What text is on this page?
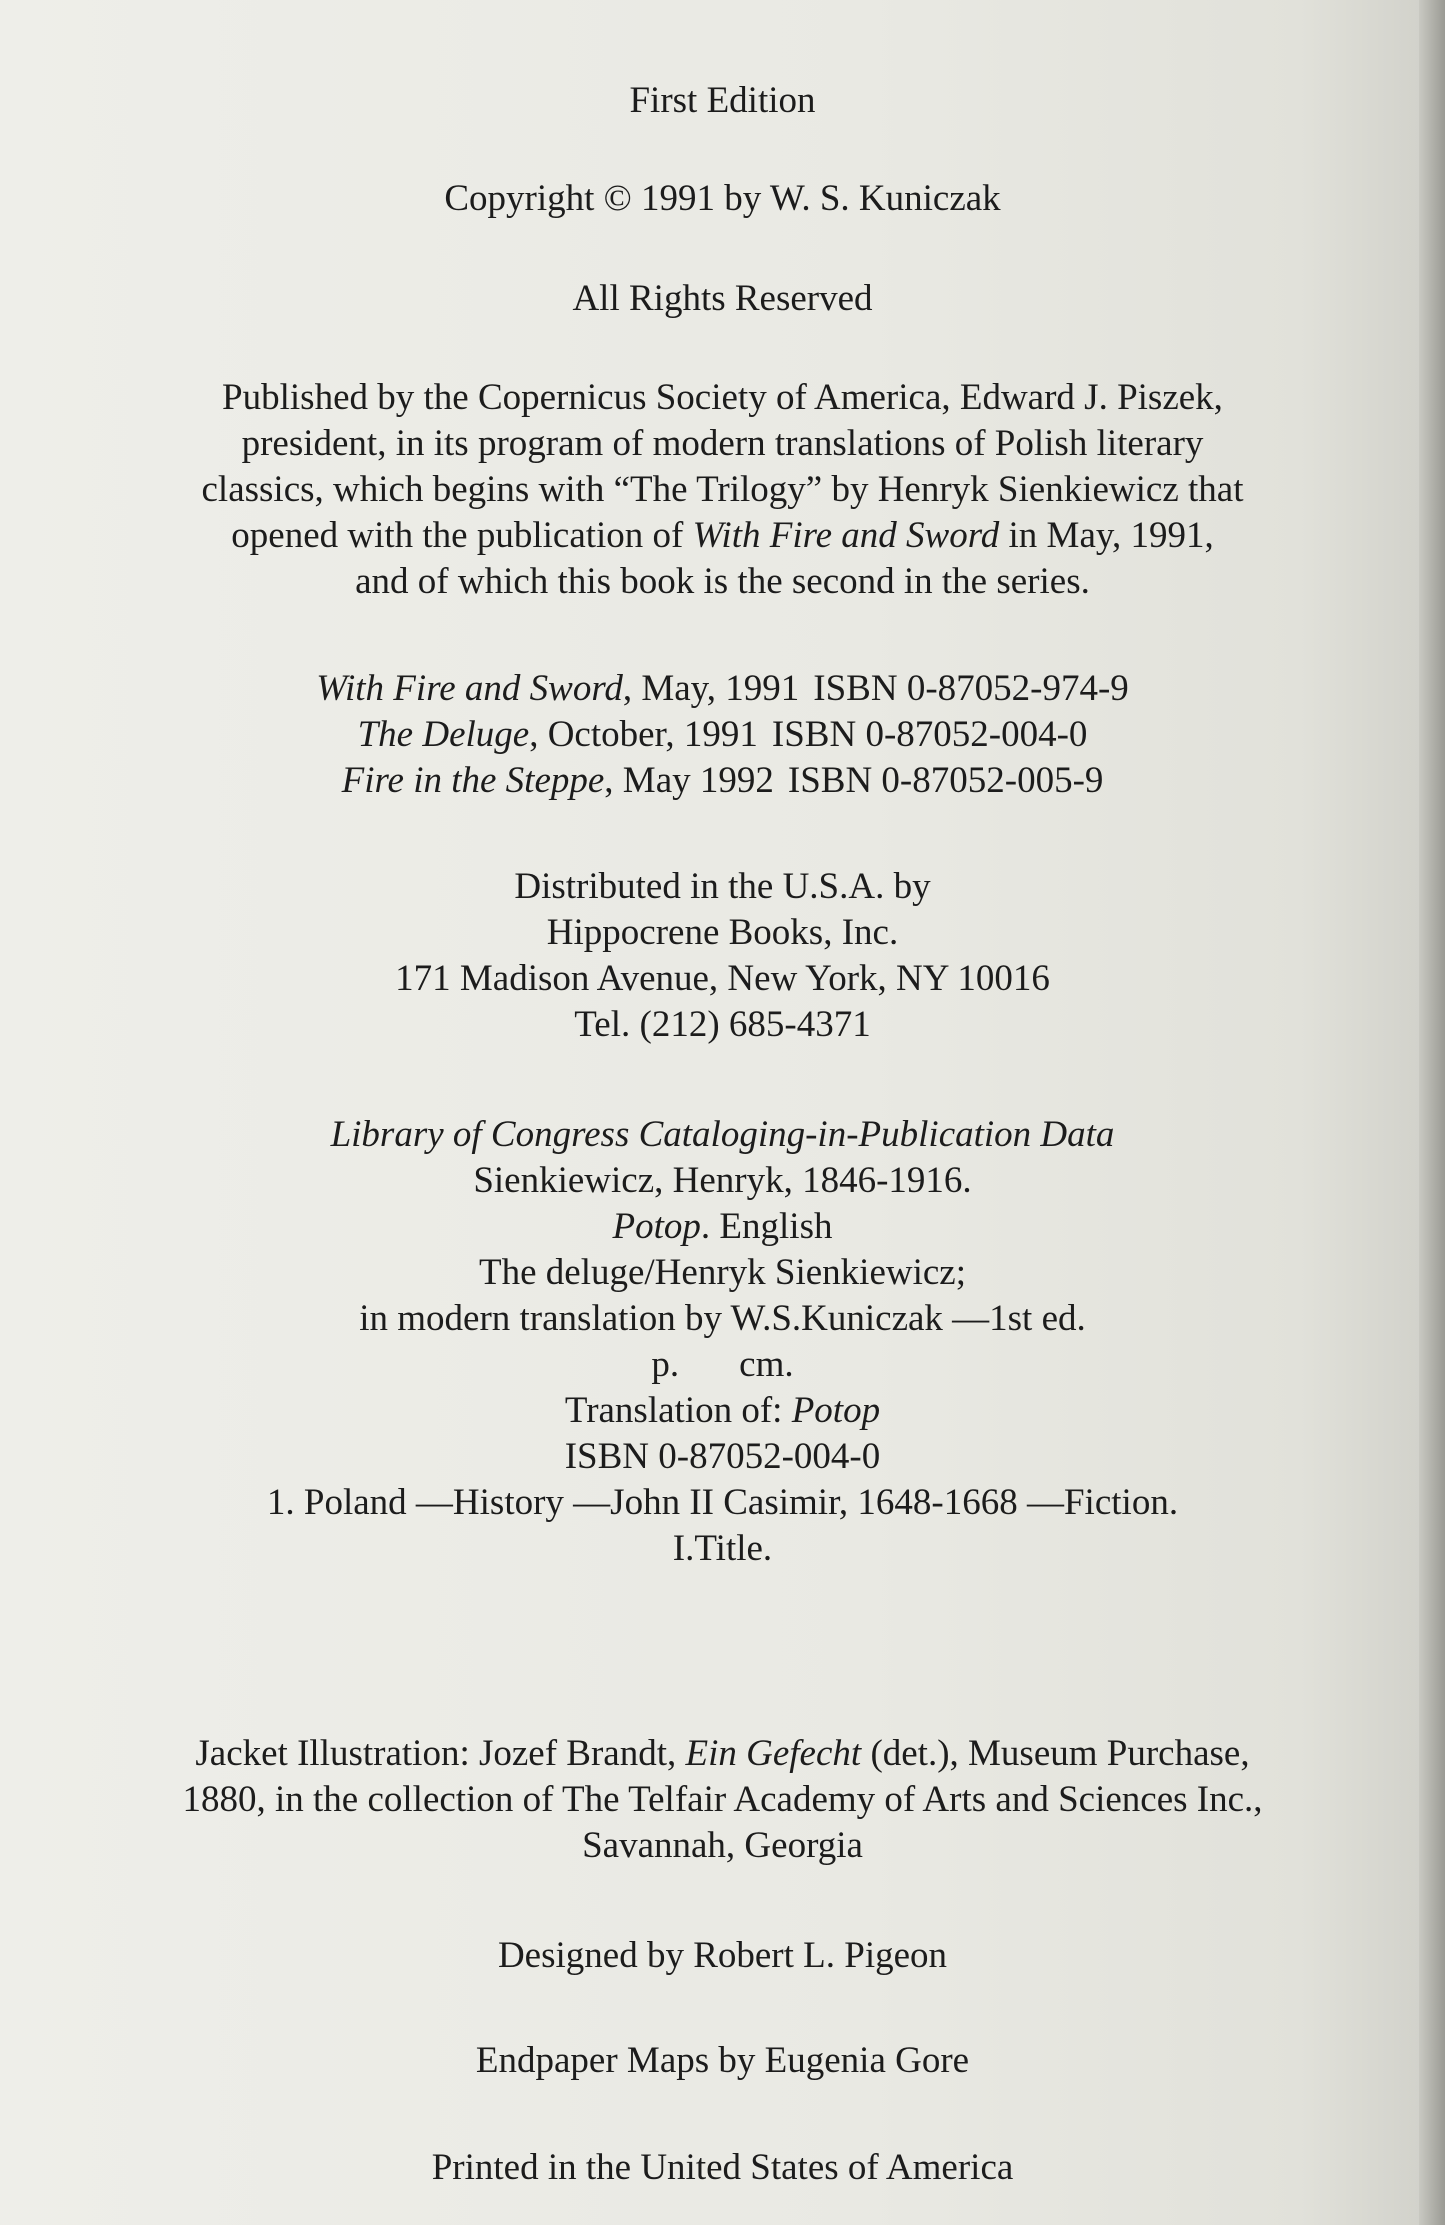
First Edition
Copyright © 1991 by W. S. Kuniczak
All Rights Reserved
Published by the Copernicus Society of America, Edward J. Piszek,
president, in its program of modern translations of Polish literary
classics, which begins with “The Trilogy” by Henryk Sienkiewicz that
opened with the publication of With Fire and Sword in May, 1991,
and of which this book is the second in the series.
With Fire and Sword, May, 1991 ISBN 0-87052-974-9
The Deluge, October, 1991 ISBN 0-87052-004-0
Fire in the Steppe, May 1992 ISBN 0-87052-005-9
Distributed in the U.S.A. by
Hippocrene Books, Inc.
171 Madison Avenue, New York, NY 10016
Tel. (212) 685-4371
Library of Congress Cataloging-in-Publication Data
Sienkiewicz, Henryk, 1846-1916.
Potop. English
The deluge/Henryk Sienkiewicz;
in modern translation by W.S.Kuniczak —1st ed.
p. cm.
Translation of: Potop
ISBN 0-87052-004-0
1. Poland —History —John II Casimir, 1648-1668 —Fiction.
I.Title.
Jacket Illustration: Jozef Brandt, Ein Gefecht (det.), Museum Purchase,
1880, in the collection of The Telfair Academy of Arts and Sciences Inc.,
Savannah, Georgia
Designed by Robert L. Pigeon
Endpaper Maps by Eugenia Gore
Printed in the United States of America
